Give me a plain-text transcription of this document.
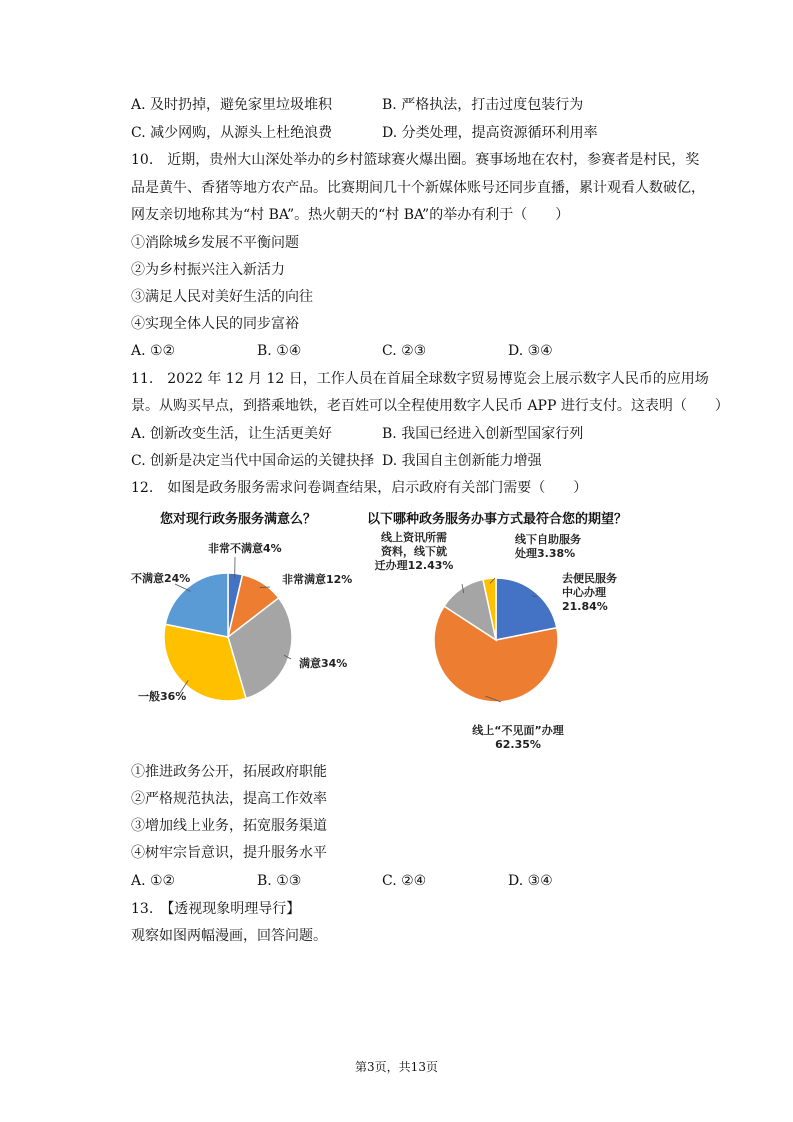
A. 及时扔掉，避免家里垃圾堆积	B. 严格执法，打击过度包装行为
C. 减少网购，从源头上杜绝浪费	D. 分类处理，提高资源循环利用率
10.　近期，贵州大山深处举办的乡村篮球赛火爆出圈。赛事场地在农村，参赛者是村民，奖
品是黄牛、香猪等地方农产品。比赛期间几十个新媒体账号还同步直播，累计观看人数破亿，
网友亲切地称其为“村 BA”。热火朝天的“村 BA”的举办有利于（　　）
①消除城乡发展不平衡问题
②为乡村振兴注入新活力
③满足人民对美好生活的向往
④实现全体人民的同步富裕
A. ①②	B. ①④	C. ②③	D. ③④
11.　2022 年 12 月 12 日，工作人员在首届全球数字贸易博览会上展示数字人民币的应用场
景。从购买早点，到搭乘地铁，老百姓可以全程使用数字人民币 APP 进行支付。这表明（　　）
A. 创新改变生活，让生活更美好	B. 我国已经进入创新型国家行列
C. 创新是决定当代中国命运的关键抉择 D. 我国自主创新能力增强
12.　如图是政务服务需求问卷调查结果，启示政府有关部门需要（　　）
您对现行政务服务满意么？	以下哪种政务服务办事方式最符合您的期望？
非常不满意4%
非常满意12%
满意34%
一般36%
不满意24%	去便民服务中心办理 21.84%
线上“不见面”办理 62.35%
线上资讯所需资料，线下就迁办理12.43%
线下自助服务处理3.38%
①推进政务公开，拓展政府职能
②严格规范执法，提高工作效率
③增加线上业务，拓宽服务渠道
④树牢宗旨意识，提升服务水平
A. ①②	B. ①③	C. ②④	D. ③④
13.　【透视现象明理导行】
观察如图两幅漫画，回答问题。
第3页，共13页
